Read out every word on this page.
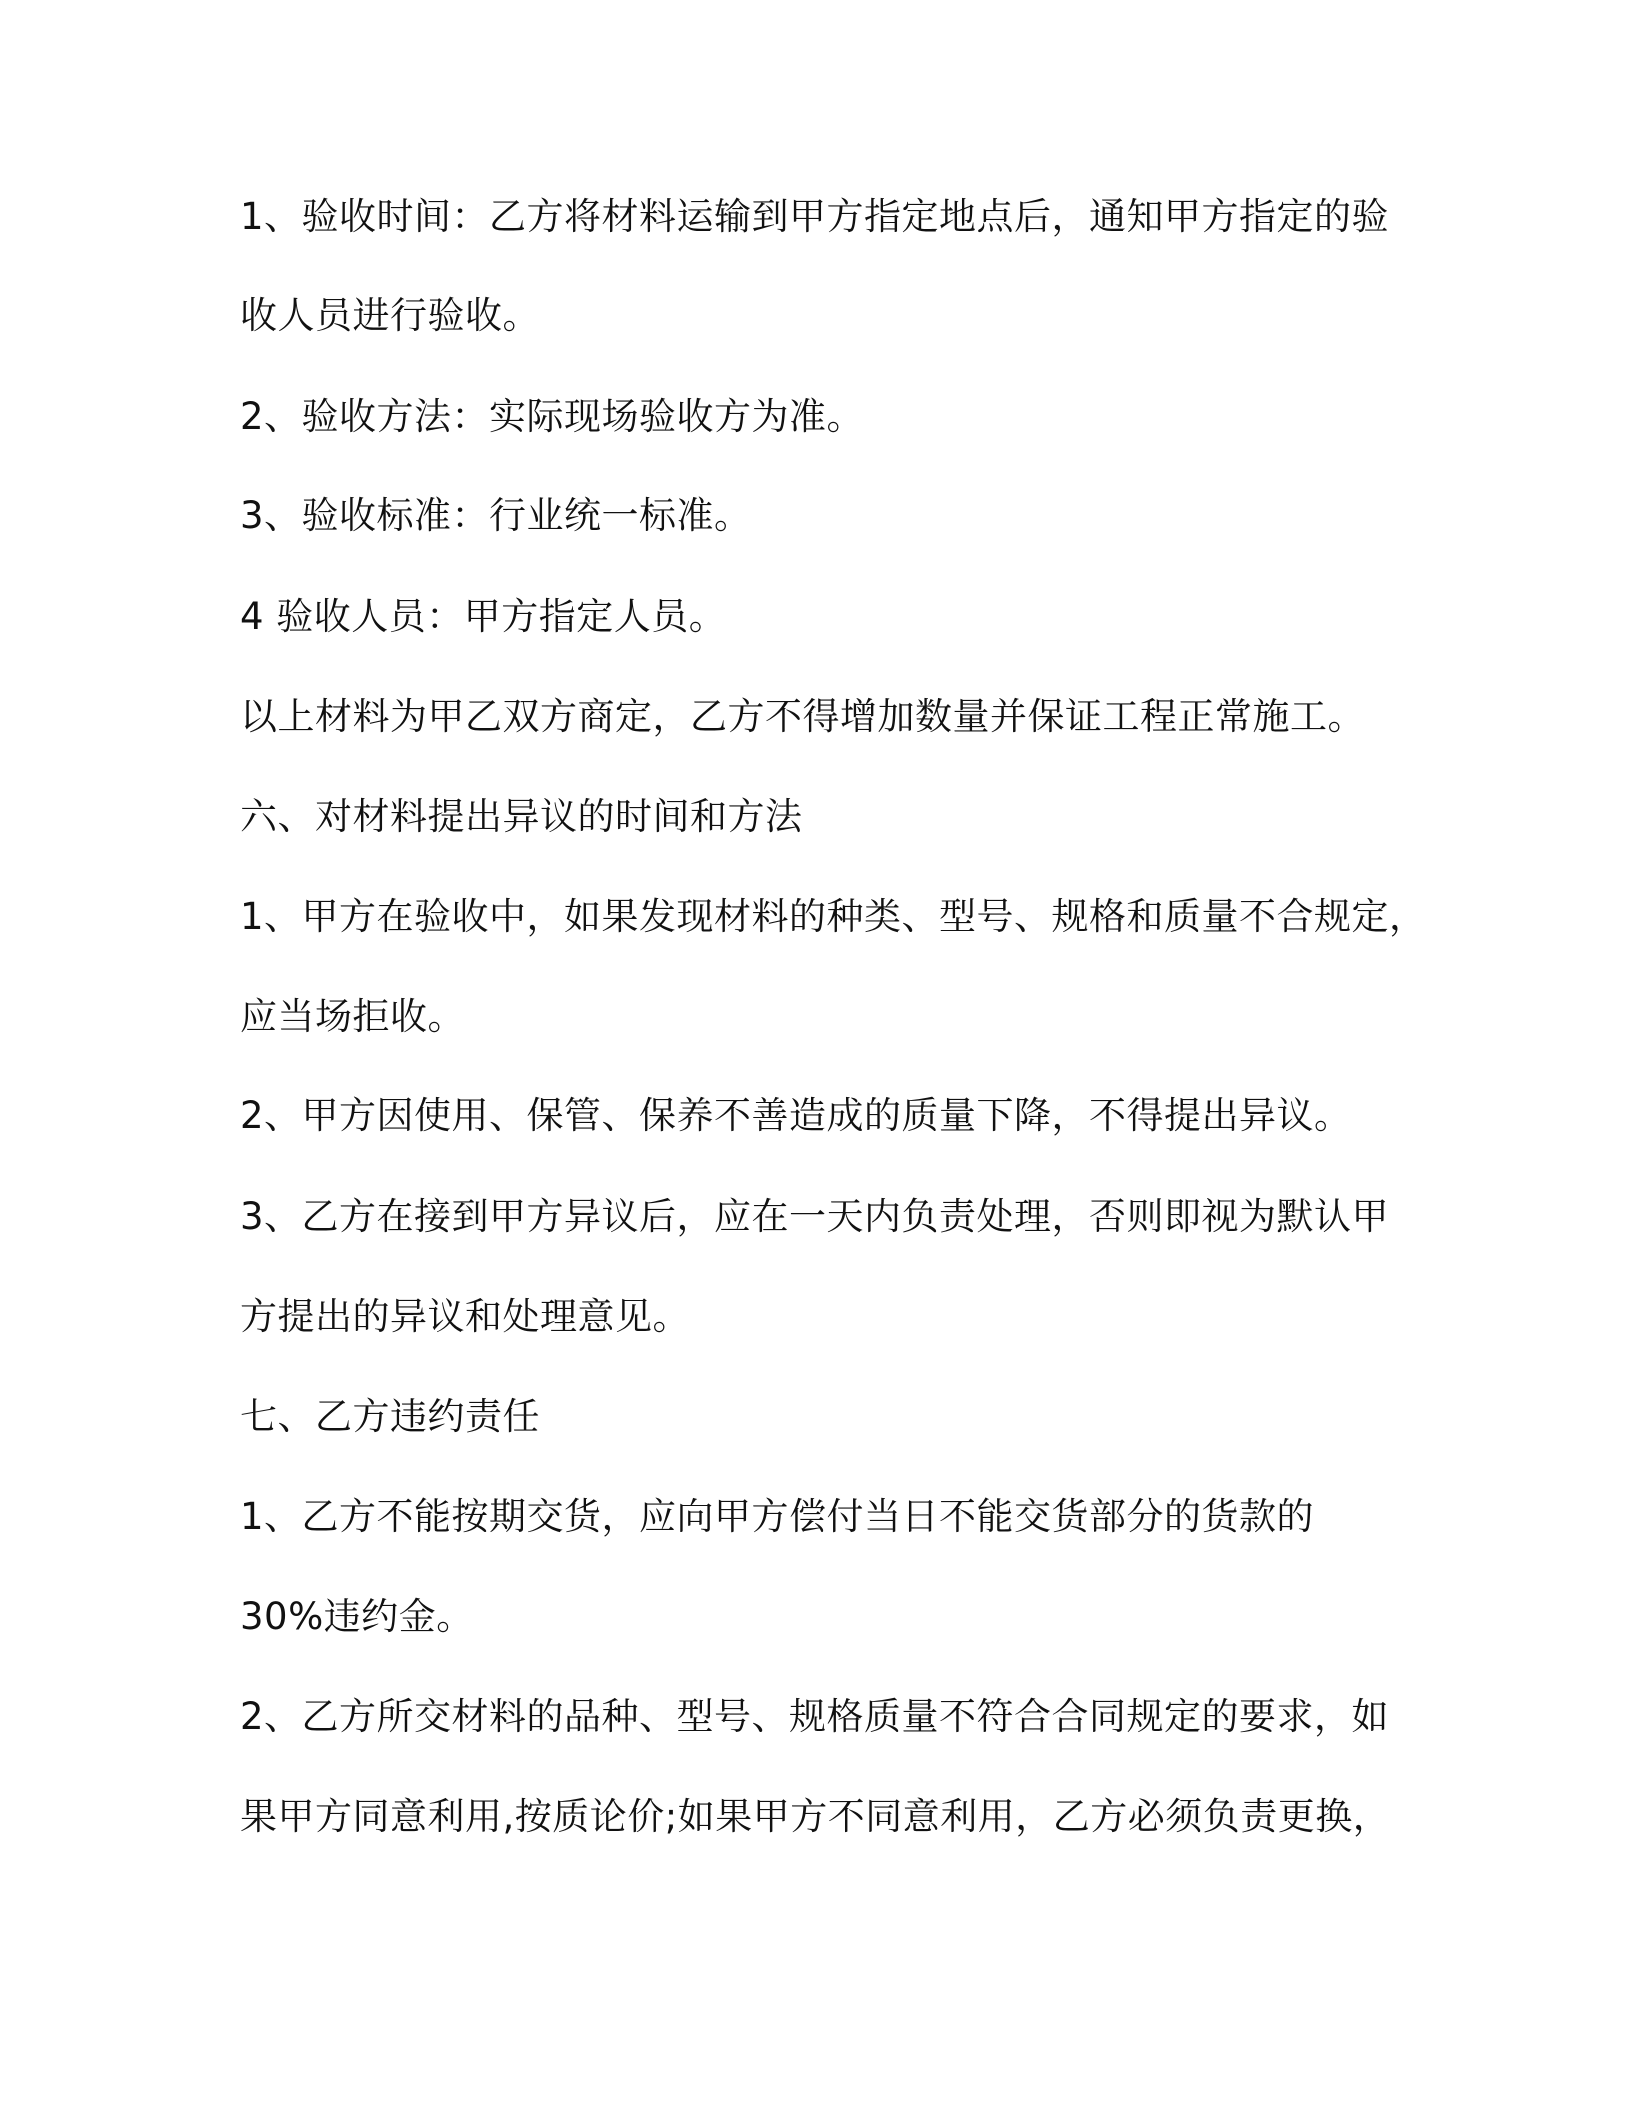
1、验收时间：乙方将材料运输到甲方指定地点后，通知甲方指定的验
收人员进行验收。
2、验收方法：实际现场验收方为准。
3、验收标准：行业统一标准。
4 验收人员：甲方指定人员。
以上材料为甲乙双方商定，乙方不得增加数量并保证工程正常施工。
六、对材料提出异议的时间和方法
1、甲方在验收中，如果发现材料的种类、型号、规格和质量不合规定，
应当场拒收。
2、甲方因使用、保管、保养不善造成的质量下降，不得提出异议。
3、乙方在接到甲方异议后，应在一天内负责处理，否则即视为默认甲
方提出的异议和处理意见。
七、乙方违约责任
1、乙方不能按期交货，应向甲方偿付当日不能交货部分的货款的
30%违约金。
2、乙方所交材料的品种、型号、规格质量不符合合同规定的要求，如
果甲方同意利用,按质论价;如果甲方不同意利用，乙方必须负责更换，
